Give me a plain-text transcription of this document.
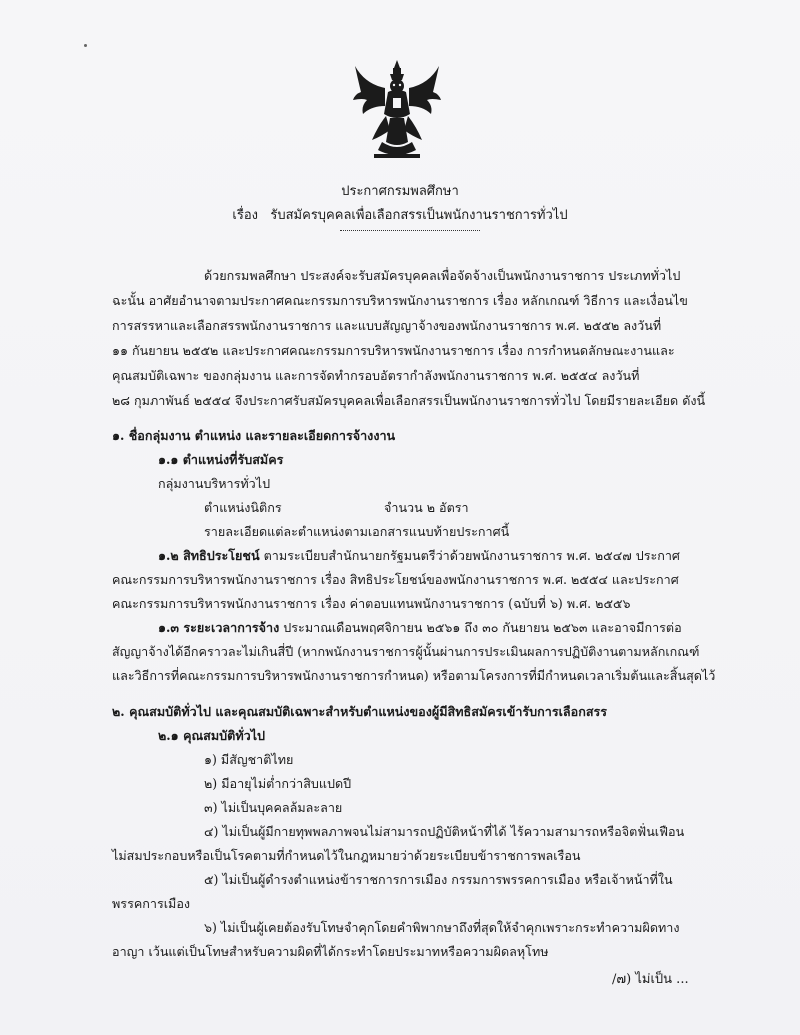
ประกาศกรมพลศึกษา
เรื่อง รับสมัครบุคคลเพื่อเลือกสรรเป็นพนักงานราชการทั่วไป
ด้วยกรมพลศึกษา ประสงค์จะรับสมัครบุคคลเพื่อจัดจ้างเป็นพนักงานราชการ ประเภททั่วไป
ฉะนั้น อาศัยอำนาจตามประกาศคณะกรรมการบริหารพนักงานราชการ เรื่อง หลักเกณฑ์ วิธีการ และเงื่อนไข
การสรรหาและเลือกสรรพนักงานราชการ และแบบสัญญาจ้างของพนักงานราชการ พ.ศ. ๒๕๕๒ ลงวันที่
๑๑ กันยายน ๒๕๕๒ และประกาศคณะกรรมการบริหารพนักงานราชการ เรื่อง การกำหนดลักษณะงานและ
คุณสมบัติเฉพาะ ของกลุ่มงาน และการจัดทำกรอบอัตรากำลังพนักงานราชการ พ.ศ. ๒๕๕๔ ลงวันที่
๒๘ กุมภาพันธ์ ๒๕๕๔ จึงประกาศรับสมัครบุคคลเพื่อเลือกสรรเป็นพนักงานราชการทั่วไป โดยมีรายละเอียด ดังนี้
๑. ชื่อกลุ่มงาน ตำแหน่ง และรายละเอียดการจ้างงาน
๑.๑ ตำแหน่งที่รับสมัคร
กลุ่มงานบริหารทั่วไป
ตำแหน่งนิติกร	จำนวน ๒ อัตรา
รายละเอียดแต่ละตำแหน่งตามเอกสารแนบท้ายประกาศนี้
๑.๒ สิทธิประโยชน์ ตามระเบียบสำนักนายกรัฐมนตรีว่าด้วยพนักงานราชการ พ.ศ. ๒๕๔๗ ประกาศ
คณะกรรมการบริหารพนักงานราชการ เรื่อง สิทธิประโยชน์ของพนักงานราชการ พ.ศ. ๒๕๕๔ และประกาศ
คณะกรรมการบริหารพนักงานราชการ เรื่อง ค่าตอบแทนพนักงานราชการ (ฉบับที่ ๖) พ.ศ. ๒๕๕๖
๑.๓ ระยะเวลาการจ้าง ประมาณเดือนพฤศจิกายน ๒๕๖๑ ถึง ๓๐ กันยายน ๒๕๖๓ และอาจมีการต่อ
สัญญาจ้างได้อีกคราวละไม่เกินสี่ปี (หากพนักงานราชการผู้นั้นผ่านการประเมินผลการปฏิบัติงานตามหลักเกณฑ์
และวิธีการที่คณะกรรมการบริหารพนักงานราชการกำหนด) หรือตามโครงการที่มีกำหนดเวลาเริ่มต้นและสิ้นสุดไว้
๒. คุณสมบัติทั่วไป และคุณสมบัติเฉพาะสำหรับตำแหน่งของผู้มีสิทธิสมัครเข้ารับการเลือกสรร
๒.๑ คุณสมบัติทั่วไป
๑) มีสัญชาติไทย
๒) มีอายุไม่ต่ำกว่าสิบแปดปี
๓) ไม่เป็นบุคคลล้มละลาย
๔) ไม่เป็นผู้มีกายทุพพลภาพจนไม่สามารถปฏิบัติหน้าที่ได้ ไร้ความสามารถหรือจิตฟั่นเฟือน
ไม่สมประกอบหรือเป็นโรคตามที่กำหนดไว้ในกฎหมายว่าด้วยระเบียบข้าราชการพลเรือน
๕) ไม่เป็นผู้ดำรงตำแหน่งข้าราชการการเมือง กรรมการพรรคการเมือง หรือเจ้าหน้าที่ใน
พรรคการเมือง
๖) ไม่เป็นผู้เคยต้องรับโทษจำคุกโดยคำพิพากษาถึงที่สุดให้จำคุกเพราะกระทำความผิดทาง
อาญา เว้นแต่เป็นโทษสำหรับความผิดที่ได้กระทำโดยประมาทหรือความผิดลหุโทษ
/๗) ไม่เป็น ...
